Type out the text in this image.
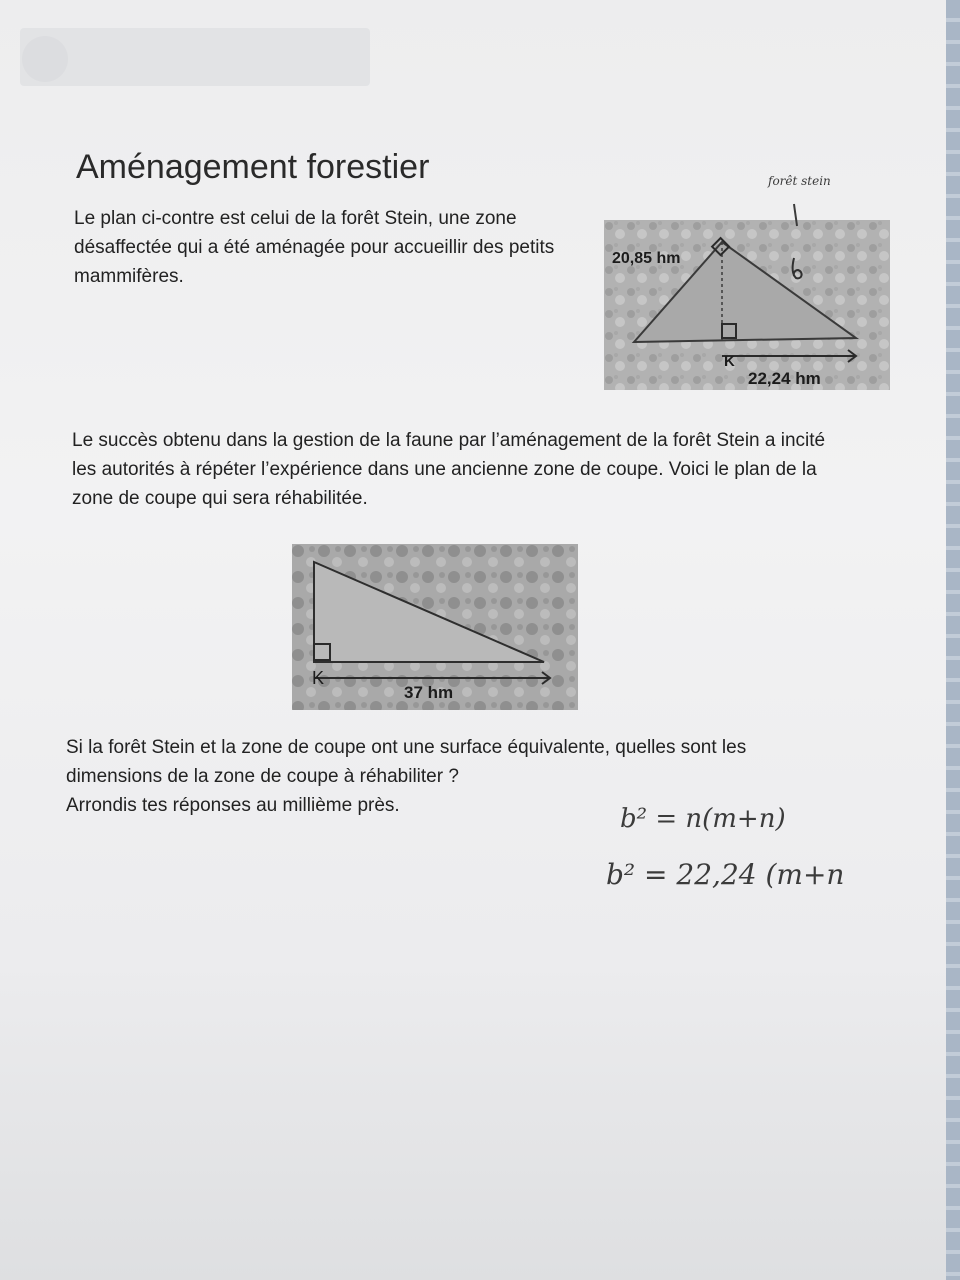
Aménagement forestier

Le plan ci-contre est celui de la forêt Stein, une zone désaffectée qui a été aménagée pour accueillir des petits mammifères.

20,85 hm
K
22,24 hm
forêt stein

Le succès obtenu dans la gestion de la faune par l’aménagement de la forêt Stein a incité les autorités à répéter l’expérience dans une ancienne zone de coupe. Voici le plan de la zone de coupe qui sera réhabilitée.

K
37 hm

Si la forêt Stein et la zone de coupe ont une surface équivalente, quelles sont les dimensions de la zone de coupe à réhabiliter ?
Arrondis tes réponses au millième près.	b² = n(m+n)
b² = 22,24 (m+n
